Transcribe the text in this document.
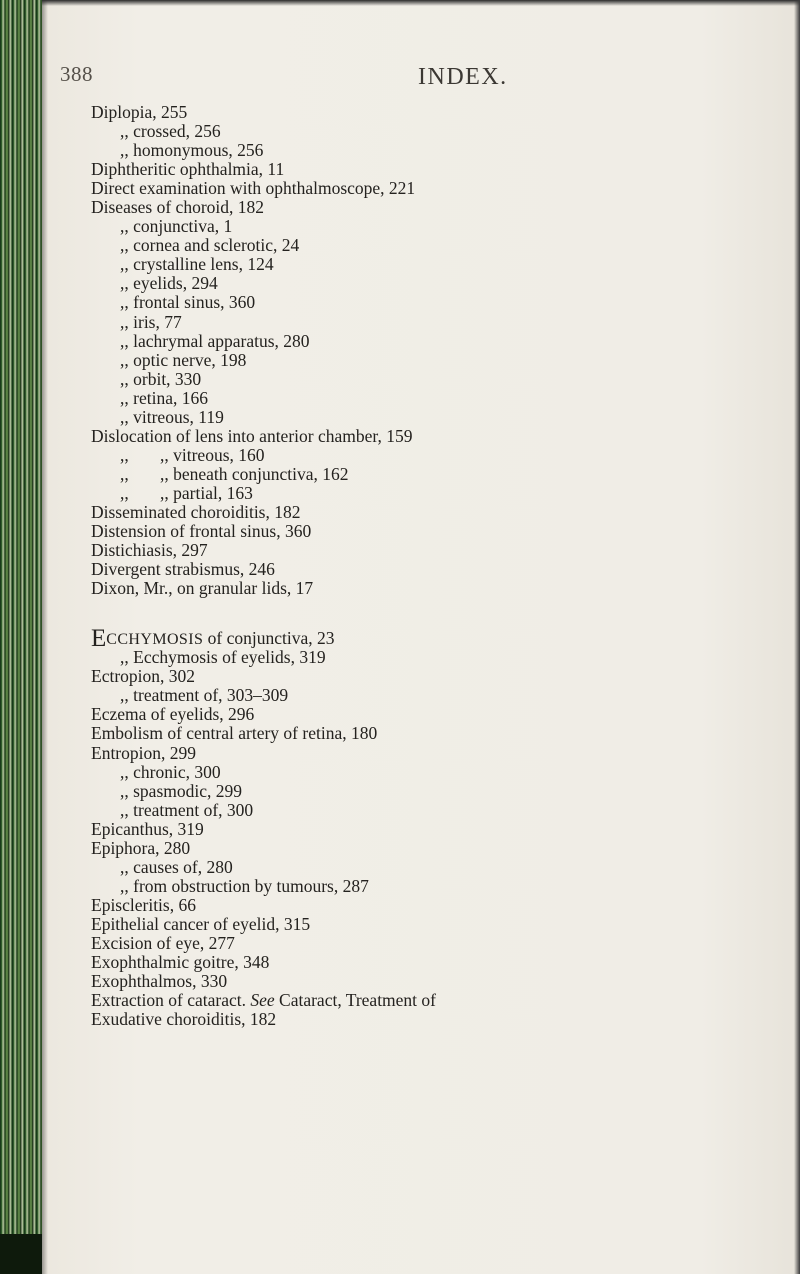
388	INDEX.
Diplopia, 255
,, crossed, 256
,, homonymous, 256
Diphtheritic ophthalmia, 11
Direct examination with ophthalmoscope, 221
Diseases of choroid, 182
,, conjunctiva, 1
,, cornea and sclerotic, 24
,, crystalline lens, 124
,, eyelids, 294
,, frontal sinus, 360
,, iris, 77
,, lachrymal apparatus, 280
,, optic nerve, 198
,, orbit, 330
,, retina, 166
,, vitreous, 119
Dislocation of lens into anterior chamber, 159
,,,, vitreous, 160
,,,, beneath conjunctiva, 162
,,,, partial, 163
Disseminated choroiditis, 182
Distension of frontal sinus, 360
Distichiasis, 297
Divergent strabismus, 246
Dixon, Mr., on granular lids, 17
ECCHYMOSIS of conjunctiva, 23
,, Ecchymosis of eyelids, 319
Ectropion, 302
,, treatment of, 303–309
Eczema of eyelids, 296
Embolism of central artery of retina, 180
Entropion, 299
,, chronic, 300
,, spasmodic, 299
,, treatment of, 300
Epicanthus, 319
Epiphora, 280
,, causes of, 280
,, from obstruction by tumours, 287
Episcleritis, 66
Epithelial cancer of eyelid, 315
Excision of eye, 277
Exophthalmic goitre, 348
Exophthalmos, 330
Extraction of cataract. See Cataract, Treatment of
Exudative choroiditis, 182
